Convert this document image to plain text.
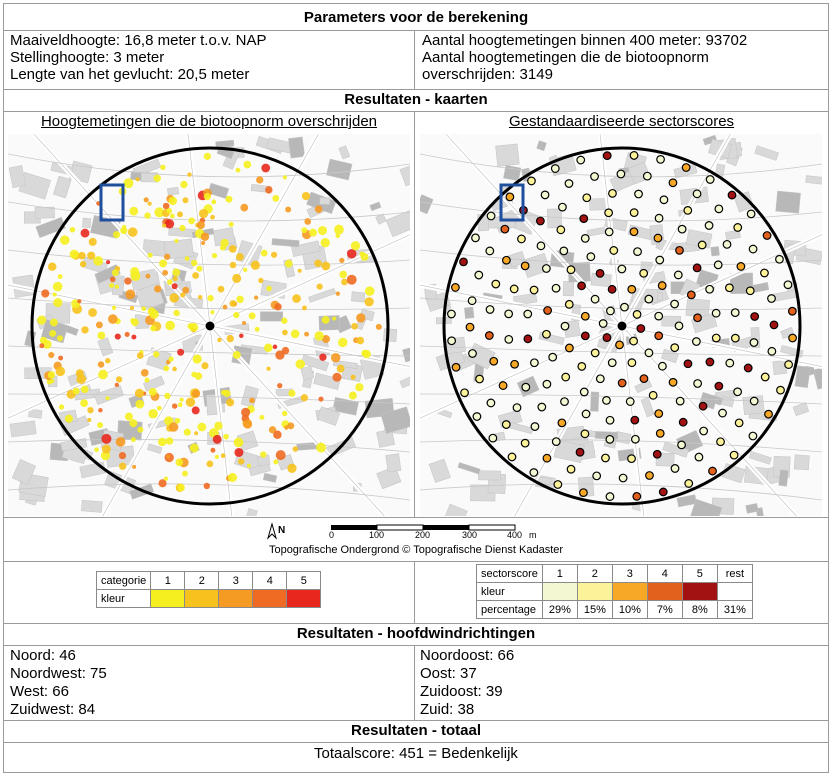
Parameters voor de berekening
Maaiveldhoogte: 16,8 meter t.o.v. NAP
Stellinghoogte: 3 meter
Lengte van het gevlucht: 20,5 meter
Aantal hoogtemetingen binnen 400 meter: 93702
Aantal hoogtemetingen die de biotoopnorm
overschrijden: 3149
Resultaten - kaarten
Hoogtemetingen die de biotoopnorm overschrijden	Gestandaardiseerde sectorscores
N	0	100	200	300	400 m
Topografische Ondergrond © Topografische Dienst Kadaster
categorie	1	2	3	4	5
kleur					
sectorscore	1	2	3	4	5	rest
kleur						
percentage	29%	15%	10%	7%	8%	31%
Resultaten - hoofdwindrichtingen
Noord: 46
Noordwest: 75
West: 66
Zuidwest: 84
Noordoost: 66
Oost: 37
Zuidoost: 39
Zuid: 38
Resultaten - totaal
Totaalscore: 451 = Bedenkelijk
